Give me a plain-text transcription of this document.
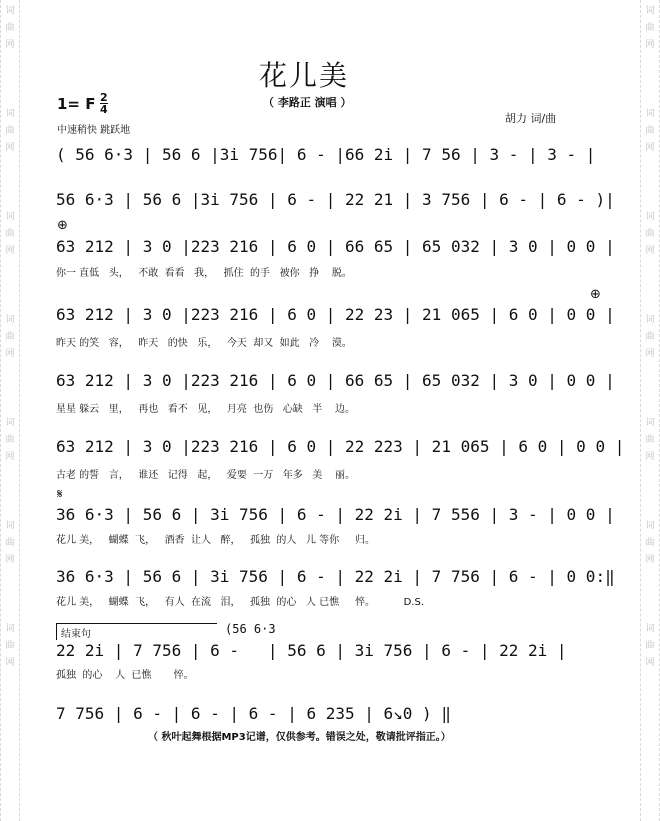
词
曲
网
词
曲
网
词
曲
网
词
曲
网
词
曲
网
词
曲
网
词
曲
网
词
曲
网
词
曲
网
词
曲
网
词
曲
网
词
曲
网
词
曲
网
词
曲
网
花儿美
（ 李路正 演唱 ）
胡力 词/曲
1= F 2
4
中速稍快 跳跃地
( 56 6·3 | 56 6 |3i 756| 6 - |66 2i | 7 56 | 3 - | 3 - |
56 6·3 | 56 6 |3i 756 | 6 - | 22 21 | 3 756 | 6 - | 6 - )|
⊕
63 212 | 3 0 |223 216 | 6 0 | 66 65 | 65 032 | 3 0 | 0 0 |
你一 直低   头，   不敢  看看   我，   抓住  的手   被你   挣    脱。
⊕
63 212 | 3 0 |223 216 | 6 0 | 22 23 | 21 065 | 6 0 | 0 0 |
昨天 的笑   容，   昨天   的快   乐，   今天  却又  如此   冷    漠。
63 212 | 3 0 |223 216 | 6 0 | 66 65 | 65 032 | 3 0 | 0 0 |
星星 躲云   里，   再也   看不   见，   月亮  也伤   心缺   半    边。
63 212 | 3 0 |223 216 | 6 0 | 22 223 | 21 065 | 6 0 | 0 0 |
古老 的誓   言，   谁还   记得   起，   爱要  一万   年多   美    丽。
𝄋
36 6·3 | 56 6 | 3i 756 | 6 - | 22 2i | 7 556 | 3 - | 0 0 |
花儿 美，   蝴蝶  飞，   酒香  让人   醉，   孤独  的人   儿 等你     归。
36 6·3 | 56 6 | 3i 756 | 6 - | 22 2i | 7 756 | 6 - | 0 0:‖
花儿 美，   蝴蝶  飞，   有人  在流   泪，   孤独  的心   人 已憔     悴。         D.S.
结束句	(56 6·3
22 2i | 7 756 | 6 -   | 56 6 | 3i 756 | 6 - | 22 2i |
孤独  的心    人  已憔       悴。
7 756 | 6 - | 6 - | 6 - | 6 235 | 6↘0 ) ‖
（ 秋叶起舞根据MP3记谱，仅供参考。错误之处，敬请批评指正。）
